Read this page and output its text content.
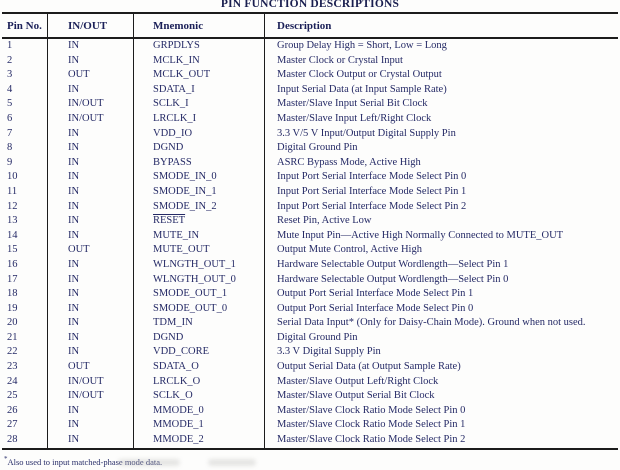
PIN FUNCTION DESCRIPTIONS
Pin No.	IN/OUT	Mnemonic	Description
1	IN	GRPDLYS	Group Delay High = Short, Low = Long
2	IN	MCLK_IN	Master Clock or Crystal Input
3	OUT	MCLK_OUT	Master Clock Output or Crystal Output
4	IN	SDATA_I	Input Serial Data (at Input Sample Rate)
5	IN/OUT	SCLK_I	Master/Slave Input Serial Bit Clock
6	IN/OUT	LRCLK_I	Master/Slave Input Left/Right Clock
7	IN	VDD_IO	3.3 V/5 V Input/Output Digital Supply Pin
8	IN	DGND	Digital Ground Pin
9	IN	BYPASS	ASRC Bypass Mode, Active High
10	IN	SMODE_IN_0	Input Port Serial Interface Mode Select Pin 0
11	IN	SMODE_IN_1	Input Port Serial Interface Mode Select Pin 1
12	IN	SMODE_IN_2	Input Port Serial Interface Mode Select Pin 2
13	IN	RESET	Reset Pin, Active Low
14	IN	MUTE_IN	Mute Input Pin—Active High Normally Connected to MUTE_OUT
15	OUT	MUTE_OUT	Output Mute Control, Active High
16	IN	WLNGTH_OUT_1	Hardware Selectable Output Wordlength—Select Pin 1
17	IN	WLNGTH_OUT_0	Hardware Selectable Output Wordlength—Select Pin 0
18	IN	SMODE_OUT_1	Output Port Serial Interface Mode Select Pin 1
19	IN	SMODE_OUT_0	Output Port Serial Interface Mode Select Pin 0
20	IN	TDM_IN	Serial Data Input* (Only for Daisy-Chain Mode). Ground when not used.
21	IN	DGND	Digital Ground Pin
22	IN	VDD_CORE	3.3 V Digital Supply Pin
23	OUT	SDATA_O	Output Serial Data (at Output Sample Rate)
24	IN/OUT	LRCLK_O	Master/Slave Output Left/Right Clock
25	IN/OUT	SCLK_O	Master/Slave Output Serial Bit Clock
26	IN	MMODE_0	Master/Slave Clock Ratio Mode Select Pin 0
27	IN	MMODE_1	Master/Slave Clock Ratio Mode Select Pin 1
28	IN	MMODE_2	Master/Slave Clock Ratio Mode Select Pin 2
*Also used to input matched-phase mode data.
